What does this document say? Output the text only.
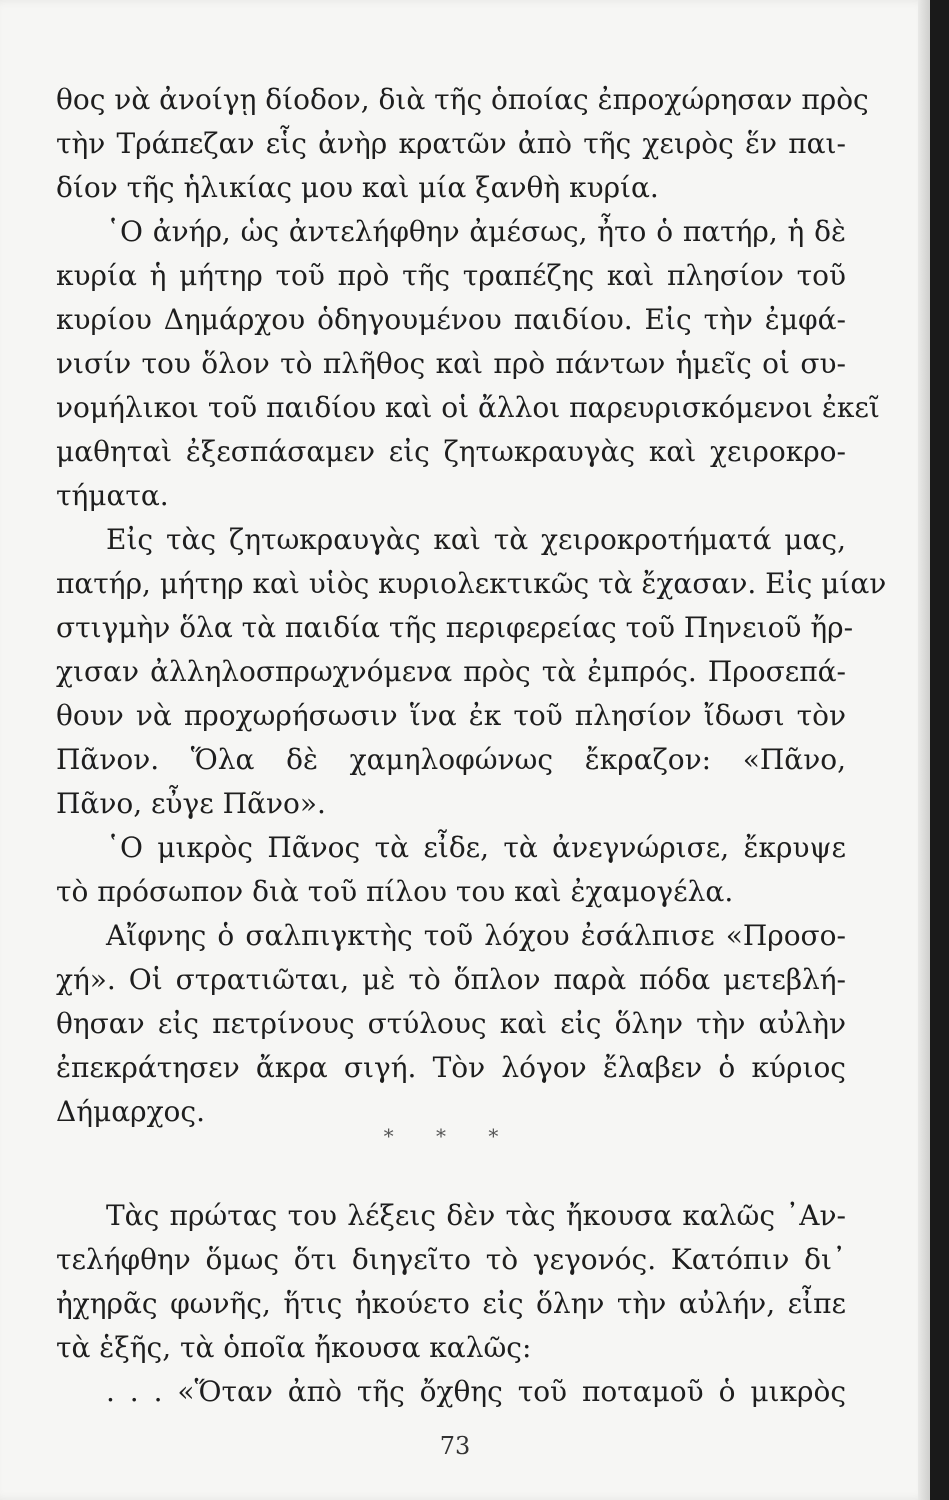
θος νὰ ἀνοίγῃ δίοδον, διὰ τῆς ὁποίας ἐπροχώρησαν πρὸς
τὴν Τράπεζαν εἷς ἀνὴρ κρατῶν ἀπὸ τῆς χειρὸς ἕν παι-
δίον τῆς ἡλικίας μου καὶ μία ξανθὴ κυρία.
῾Ο ἀνήρ, ὡς ἀντελήφθην ἀμέσως, ἦτο ὁ πατήρ, ἡ δὲ
κυρία ἡ μήτηρ τοῦ πρὸ τῆς τραπέζης καὶ πλησίον τοῦ
κυρίου Δημάρχου ὁδηγουμένου παιδίου. Εἰς τὴν ἐμφά-
νισίν του ὅλον τὸ πλῆθος καὶ πρὸ πάντων ἡμεῖς οἱ συ-
νομήλικοι τοῦ παιδίου καὶ οἱ ἄλλοι παρευρισκόμενοι ἐκεῖ
μαθηταὶ ἐξεσπάσαμεν εἰς ζητωκραυγὰς καὶ χειροκρο-
τήματα.
Εἰς τὰς ζητωκραυγὰς καὶ τὰ χειροκροτήματά μας,
πατήρ, μήτηρ καὶ υἱὸς κυριολεκτικῶς τὰ ἔχασαν. Εἰς μίαν
στιγμὴν ὅλα τὰ παιδία τῆς περιφερείας τοῦ Πηνειοῦ ἤρ-
χισαν ἀλληλοσπρωχνόμενα πρὸς τὰ ἐμπρός. Προσεπά-
θουν νὰ προχωρήσωσιν ἵνα ἐκ τοῦ πλησίον ἴδωσι τὸν
Πᾶνον. Ὅλα δὲ χαμηλοφώνως ἔκραζον: «Πᾶνο,
Πᾶνο, εὖγε Πᾶνο».
῾Ο μικρὸς Πᾶνος τὰ εἶδε, τὰ ἀνεγνώρισε, ἔκρυψε
τὸ πρόσωπον διὰ τοῦ πίλου του καὶ ἐχαμογέλα.
Αἴφνης ὁ σαλπιγκτὴς τοῦ λόχου ἐσάλπισε «Προσο-
χή». Οἱ στρατιῶται, μὲ τὸ ὅπλον παρὰ πόδα μετεβλή-
θησαν εἰς πετρίνους στύλους καὶ εἰς ὅλην τὴν αὐλὴν
ἐπεκράτησεν ἄκρα σιγή. Τὸν λόγον ἔλαβεν ὁ κύριος
Δήμαρχος.
* * *
Τὰς πρώτας του λέξεις δὲν τὰς ἤκουσα καλῶς ᾿Αν-
τελήφθην ὅμως ὅτι διηγεῖτο τὸ γεγονός. Κατόπιν δι᾿
ἠχηρᾶς φωνῆς, ἥτις ἠκούετο εἰς ὅλην τὴν αὐλήν, εἶπε
τὰ ἑξῆς, τὰ ὁποῖα ἤκουσα καλῶς:
. . . «Ὅταν ἀπὸ τῆς ὄχθης τοῦ ποταμοῦ ὁ μικρὸς
73
